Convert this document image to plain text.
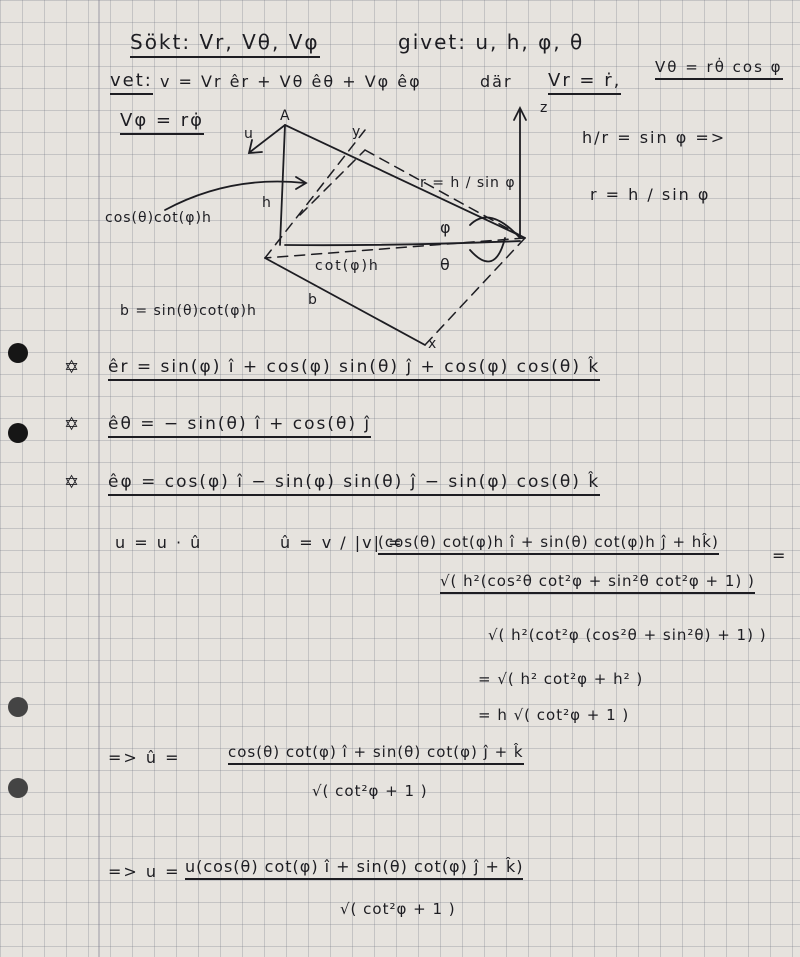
Sökt: Vr, Vθ, Vφ	givet: u, h, φ, θ
vet: v = Vr êr + Vθ êθ + Vφ êφ	där Vr = ṙ,
Vθ = rθ̇ cos φ
Vφ = rφ̇	A
u
h
r = h / sin φ
φ
θ
cot(φ)h
b
z
x
y
cos(θ)cot(φ)h
b = sin(θ)cot(φ)h
h/r = sin φ =>
r = h / sin φ
✡ êr = sin(φ) î + cos(φ) sin(θ) ĵ + cos(φ) cos(θ) k̂
✡ êθ = − sin(θ) î + cos(θ) ĵ
✡ êφ = cos(φ) î − sin(φ) sin(θ) ĵ − sin(φ) cos(θ) k̂
u = u · û	û = v / |v| =
(cos(θ) cot(φ)h î + sin(θ) cot(φ)h ĵ + hk̂)
=
√( h²(cos²θ cot²φ + sin²θ cot²φ + 1) )
√( h²(cot²φ (cos²θ + sin²θ) + 1) )
= √( h² cot²φ + h² )
= h √( cot²φ + 1 )
=> û =	cos(θ) cot(φ) î + sin(θ) cot(φ) ĵ + k̂
√( cot²φ + 1 )
=> u = u(cos(θ) cot(φ) î + sin(θ) cot(φ) ĵ + k̂)
√( cot²φ + 1 )
